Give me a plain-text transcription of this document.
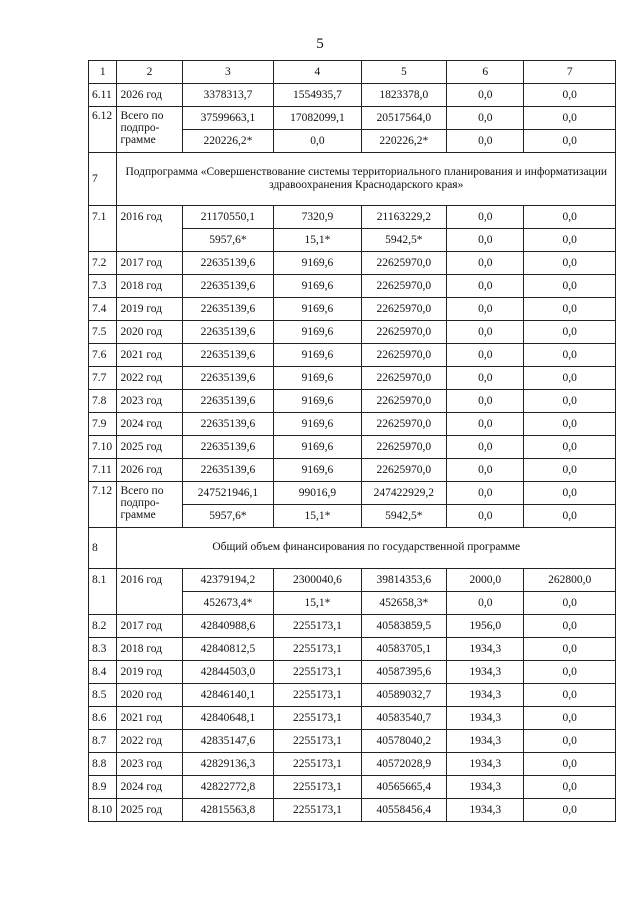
5
1	2	3	4	5	6	7
6.11	2026 год	3378313,7	1554935,7	1823378,0	0,0	0,0
6.12	Всего по подпро-грамме	37599663,1	17082099,1	20517564,0	0,0	0,0
		220226,2*	0,0	220226,2*	0,0	0,0
7	Подпрограмма «Совершенствование системы территориального планирования и информатизации здравоохранения Краснодарского края»					
7.1	2016 год	21170550,1	7320,9	21163229,2	0,0	0,0
		5957,6*	15,1*	5942,5*	0,0	0,0
7.2	2017 год	22635139,6	9169,6	22625970,0	0,0	0,0
7.3	2018 год	22635139,6	9169,6	22625970,0	0,0	0,0
7.4	2019 год	22635139,6	9169,6	22625970,0	0,0	0,0
7.5	2020 год	22635139,6	9169,6	22625970,0	0,0	0,0
7.6	2021 год	22635139,6	9169,6	22625970,0	0,0	0,0
7.7	2022 год	22635139,6	9169,6	22625970,0	0,0	0,0
7.8	2023 год	22635139,6	9169,6	22625970,0	0,0	0,0
7.9	2024 год	22635139,6	9169,6	22625970,0	0,0	0,0
7.10	2025 год	22635139,6	9169,6	22625970,0	0,0	0,0
7.11	2026 год	22635139,6	9169,6	22625970,0	0,0	0,0
7.12	Всего по подпро-грамме	247521946,1	99016,9	247422929,2	0,0	0,0
		5957,6*	15,1*	5942,5*	0,0	0,0
8	Общий объем финансирования по государственной программе					
8.1	2016 год	42379194,2	2300040,6	39814353,6	2000,0	262800,0
		452673,4*	15,1*	452658,3*	0,0	0,0
8.2	2017 год	42840988,6	2255173,1	40583859,5	1956,0	0,0
8.3	2018 год	42840812,5	2255173,1	40583705,1	1934,3	0,0
8.4	2019 год	42844503,0	2255173,1	40587395,6	1934,3	0,0
8.5	2020 год	42846140,1	2255173,1	40589032,7	1934,3	0,0
8.6	2021 год	42840648,1	2255173,1	40583540,7	1934,3	0,0
8.7	2022 год	42835147,6	2255173,1	40578040,2	1934,3	0,0
8.8	2023 год	42829136,3	2255173,1	40572028,9	1934,3	0,0
8.9	2024 год	42822772,8	2255173,1	40565665,4	1934,3	0,0
8.10	2025 год	42815563,8	2255173,1	40558456,4	1934,3	0,0
